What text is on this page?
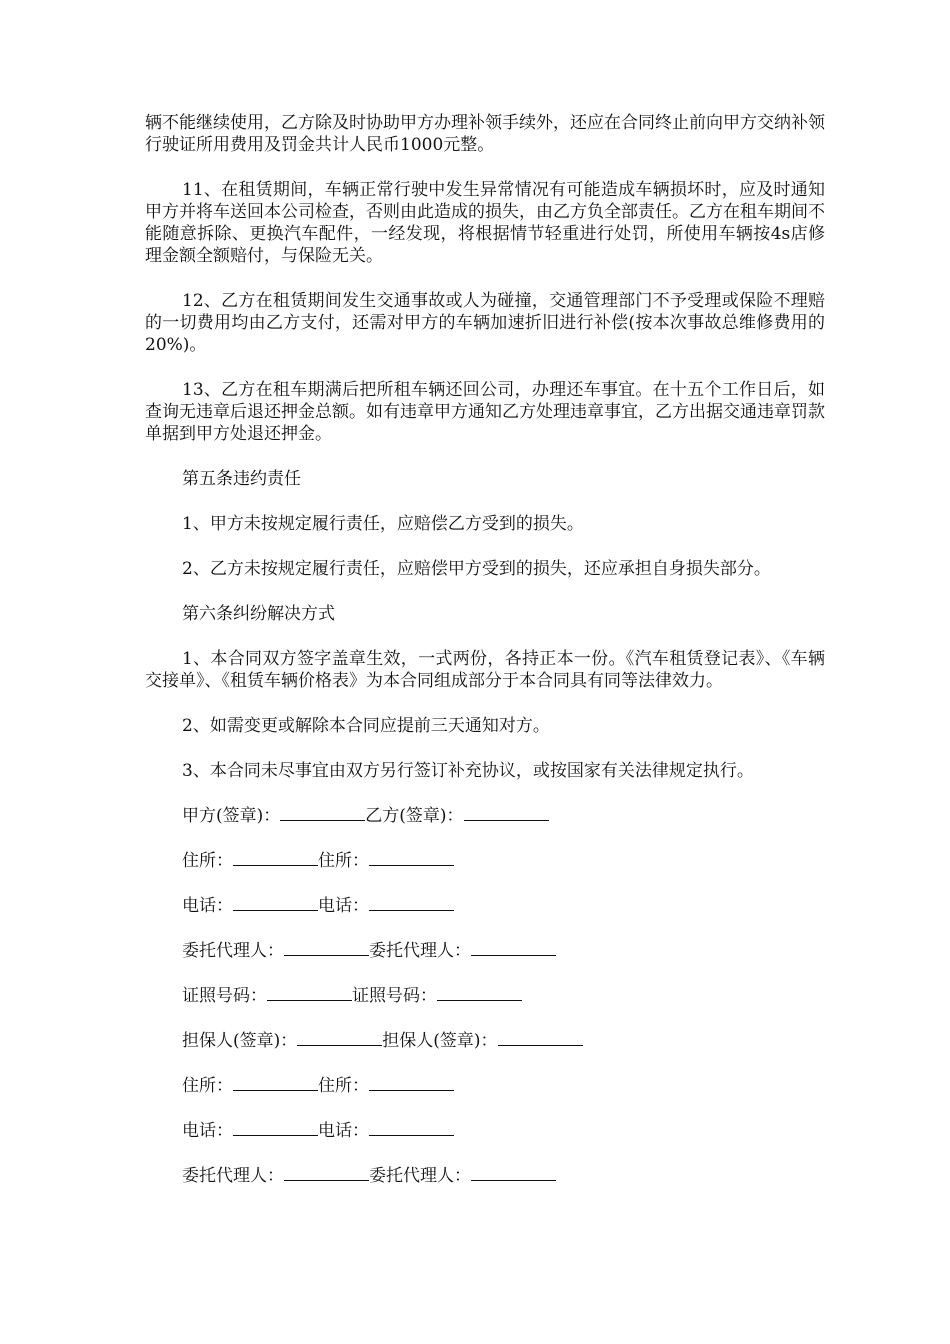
辆不能继续使用，乙方除及时协助甲方办理补领手续外，还应在合同终止前向甲方交纳补领行驶证所用费用及罚金共计人民币1000元整。

11、在租赁期间，车辆正常行驶中发生异常情况有可能造成车辆损坏时，应及时通知甲方并将车送回本公司检查，否则由此造成的损失，由乙方负全部责任。乙方在租车期间不能随意拆除、更换汽车配件，一经发现，将根据情节轻重进行处罚，所使用车辆按4s店修理金额全额赔付，与保险无关。

12、乙方在租赁期间发生交通事故或人为碰撞，交通管理部门不予受理或保险不理赔的一切费用均由乙方支付，还需对甲方的车辆加速折旧进行补偿(按本次事故总维修费用的20%)。

13、乙方在租车期满后把所租车辆还回公司，办理还车事宜。在十五个工作日后，如查询无违章后退还押金总额。如有违章甲方通知乙方处理违章事宜，乙方出据交通违章罚款单据到甲方处退还押金。

第五条违约责任

1、甲方未按规定履行责任，应赔偿乙方受到的损失。

2、乙方未按规定履行责任，应赔偿甲方受到的损失，还应承担自身损失部分。

第六条纠纷解决方式

1、本合同双方签字盖章生效，一式两份，各持正本一份。《汽车租赁登记表》、《车辆交接单》、《租赁车辆价格表》为本合同组成部分于本合同具有同等法律效力。

2、如需变更或解除本合同应提前三天通知对方。

3、本合同未尽事宜由双方另行签订补充协议，或按国家有关法律规定执行。

甲方(签章)：	乙方(签章)：
住所：	住所：
电话：	电话：
委托代理人：	委托代理人：
证照号码：	证照号码：
担保人(签章)：	担保人(签章)：
住所：	住所：
电话：	电话：
委托代理人：	委托代理人：
